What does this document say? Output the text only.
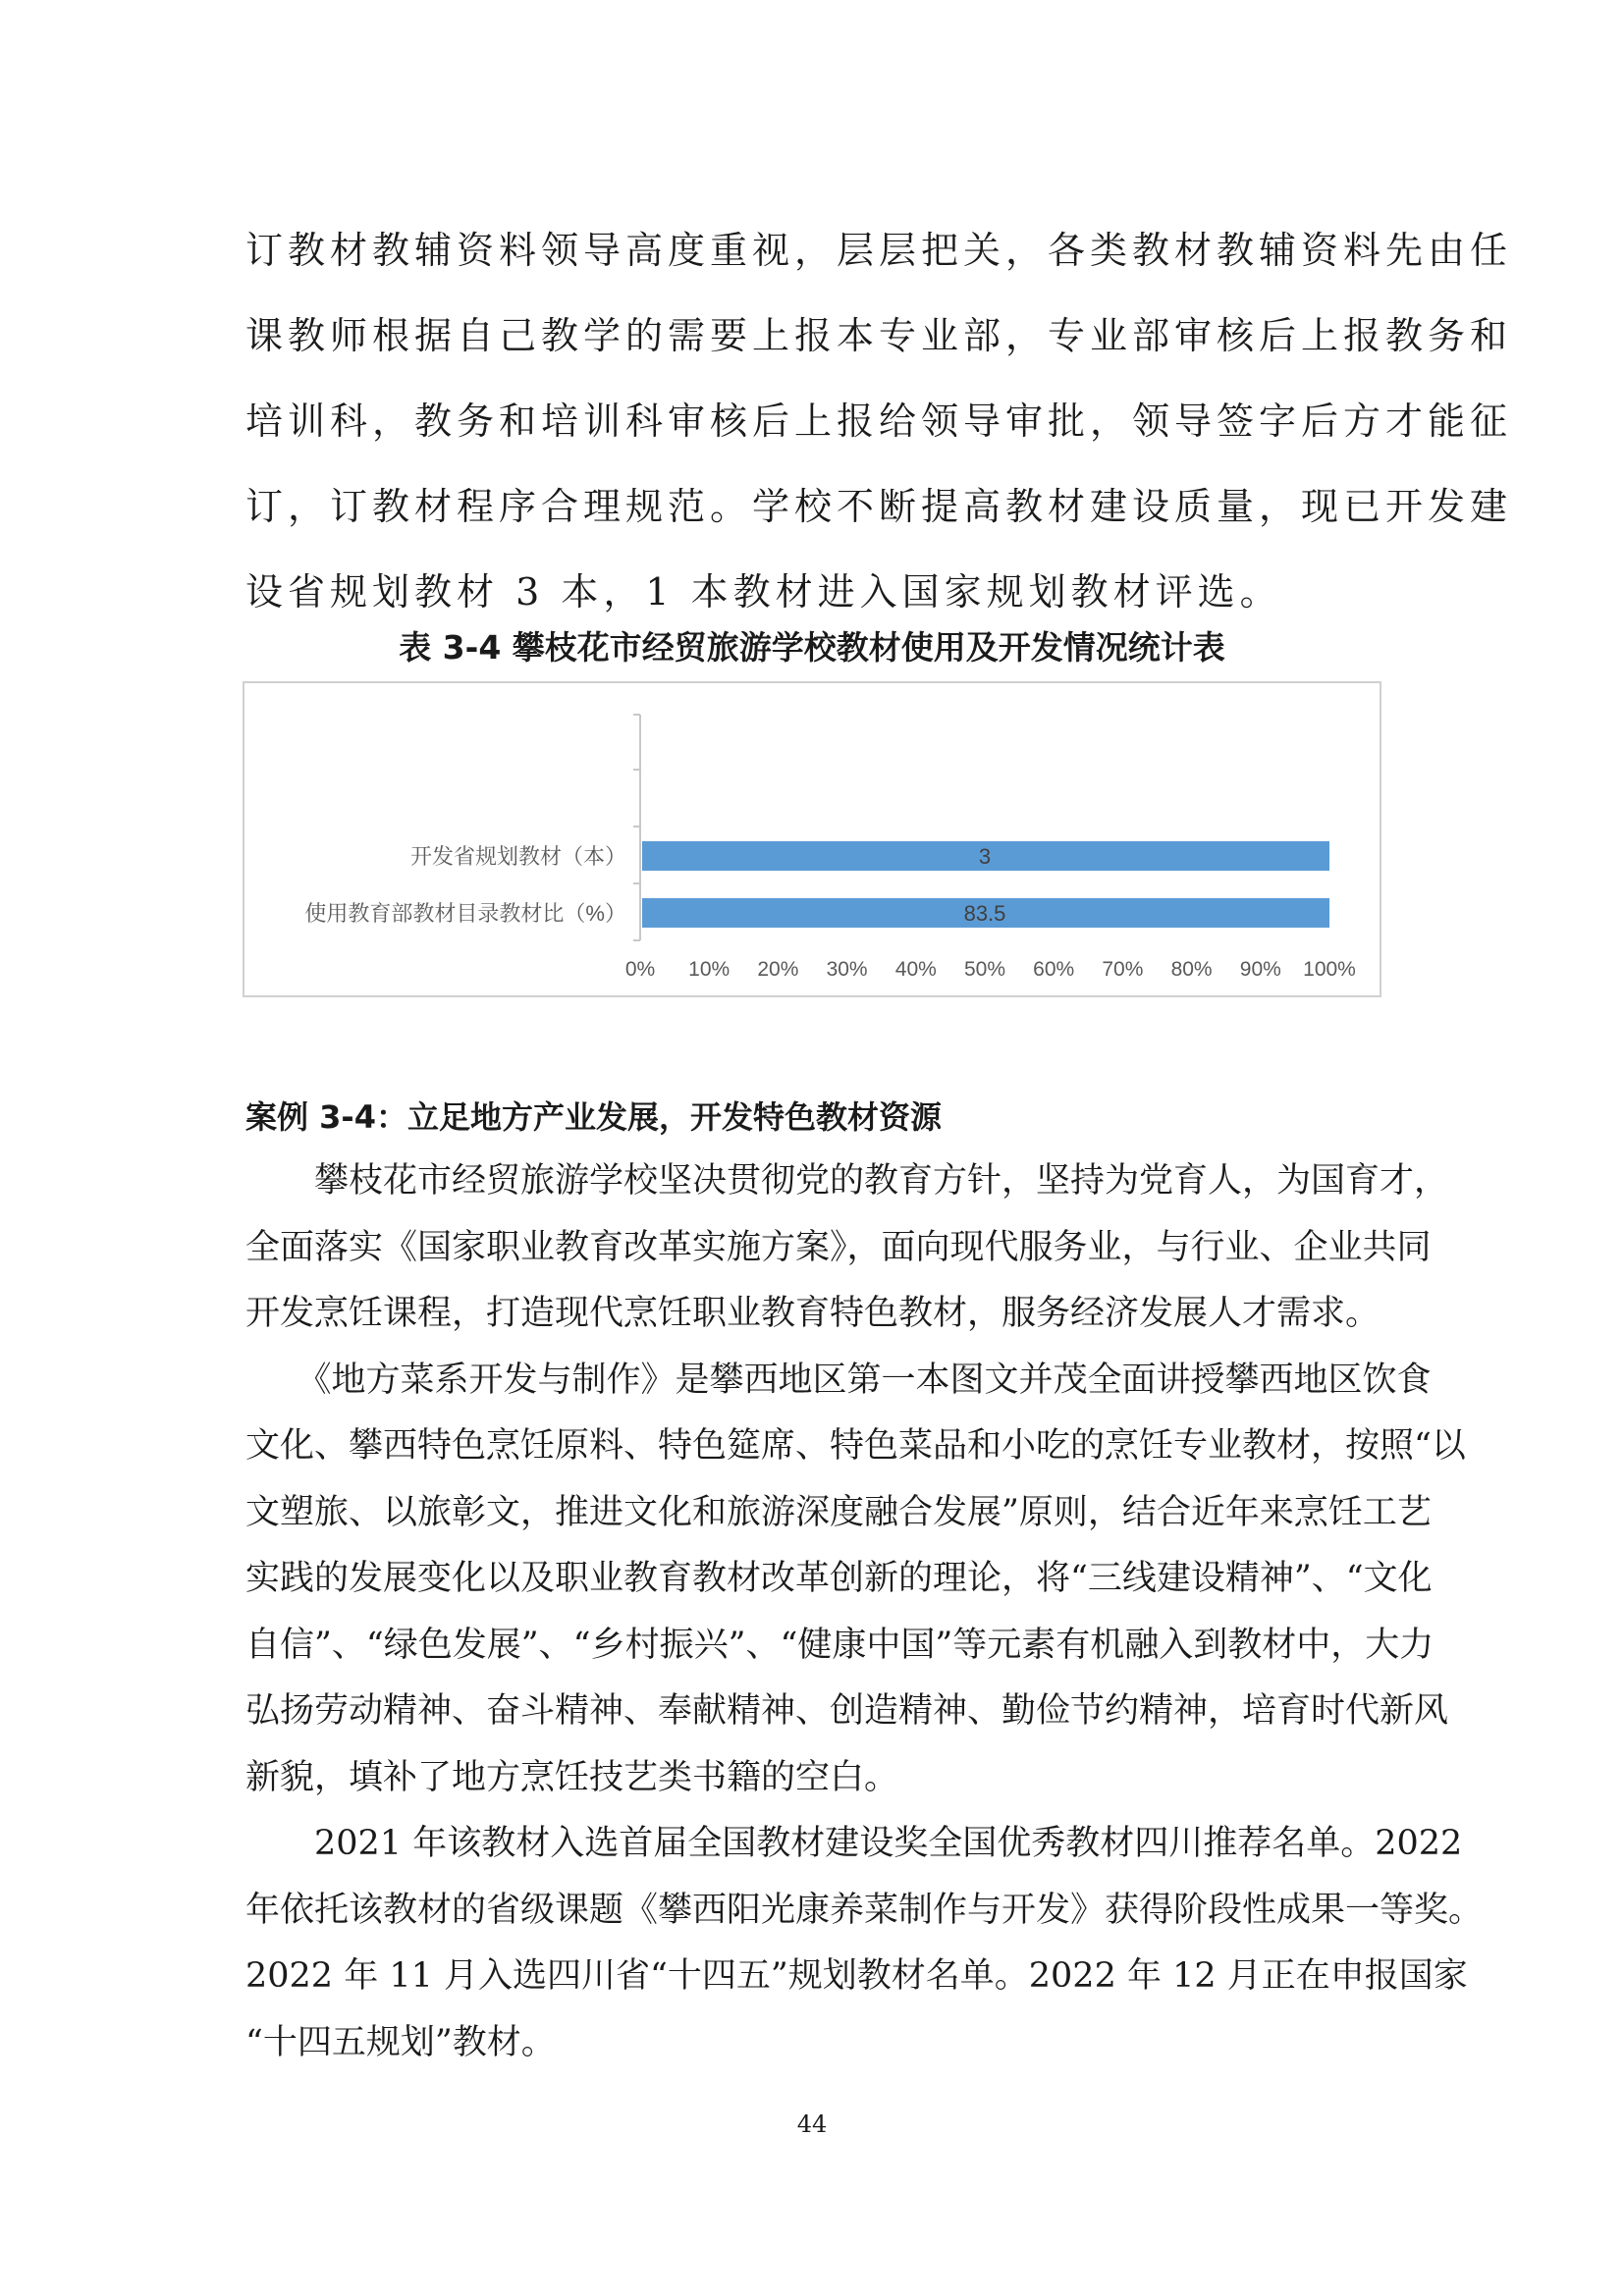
订教材教辅资料领导高度重视，层层把关，各类教材教辅资料先由任
课教师根据自己教学的需要上报本专业部，专业部审核后上报教务和
培训科，教务和培训科审核后上报给领导审批，领导签字后方才能征
订，订教材程序合理规范。学校不断提高教材建设质量，现已开发建
设省规划教材 3 本，1 本教材进入国家规划教材评选。
表 3-4 攀枝花市经贸旅游学校教材使用及开发情况统计表
开发省规划教材（本）	3
使用教育部教材目录教材比（%）	83.5
0% 10% 20% 30% 40% 50% 60% 70% 80% 90% 100%
案例 3-4：立足地方产业发展，开发特色教材资源
　　攀枝花市经贸旅游学校坚决贯彻党的教育方针，坚持为党育人，为国育才，
全面落实《国家职业教育改革实施方案》，面向现代服务业，与行业、企业共同
开发烹饪课程，打造现代烹饪职业教育特色教材，服务经济发展人才需求。
　　《地方菜系开发与制作》是攀西地区第一本图文并茂全面讲授攀西地区饮食
文化、攀西特色烹饪原料、特色筵席、特色菜品和小吃的烹饪专业教材，按照“以
文塑旅、以旅彰文，推进文化和旅游深度融合发展”原则，结合近年来烹饪工艺
实践的发展变化以及职业教育教材改革创新的理论，将“三线建设精神”、“文化
自信”、“绿色发展”、“乡村振兴”、“健康中国”等元素有机融入到教材中，大力
弘扬劳动精神、奋斗精神、奉献精神、创造精神、勤俭节约精神，培育时代新风
新貌，填补了地方烹饪技艺类书籍的空白。
　　2021 年该教材入选首届全国教材建设奖全国优秀教材四川推荐名单。2022
年依托该教材的省级课题《攀西阳光康养菜制作与开发》获得阶段性成果一等奖。
2022 年 11 月入选四川省“十四五”规划教材名单。2022 年 12 月正在申报国家
“十四五规划”教材。
44
